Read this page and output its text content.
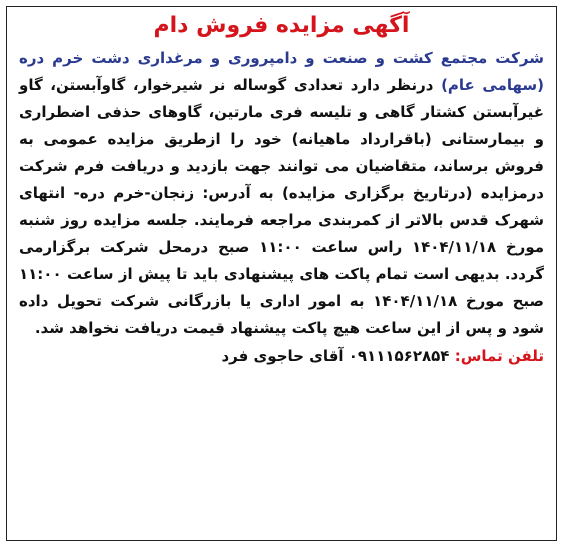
آگهی مزایده فروش دام
شرکت مجتمع کشت و صنعت و دامپروری و مرغداری دشت خرم دره (سهامی عام) درنظر دارد تعدادی گوساله نر شیرخوار، گاوآبستن، گاو غیرآبستن کشتار گاهی و تلیسه فری مارتین، گاوهای حذفی اضطراری و بیمارستانی (باقرارداد ماهیانه) خود را ازطریق مزایده عمومی به فروش برساند، متقاضیان می توانند جهت بازدید و دریافت فرم شرکت درمزایده (درتاریخ برگزاری مزایده) به آدرس: زنجان-خرم دره- انتهای شهرک قدس بالاتر از کمربندی مراجعه فرمایند. جلسه مزایده روز شنبه مورخ ۱۴۰۴/۱۱/۱۸ راس ساعت ۱۱:۰۰ صبح درمحل شرکت برگزارمی گردد. بدیهی است تمام پاکت های پیشنهادی باید تا پیش از ساعت ۱۱:۰۰ صبح مورخ ۱۴۰۴/۱۱/۱۸ به امور اداری یا بازرگانی شرکت تحویل داده شود و پس از این ساعت هیچ پاکت پیشنهاد قیمت دریافت نخواهد شد.
تلفن تماس: ۰۹۱۱۱۵۶۲۸۵۴ آقای حاجوی فرد
